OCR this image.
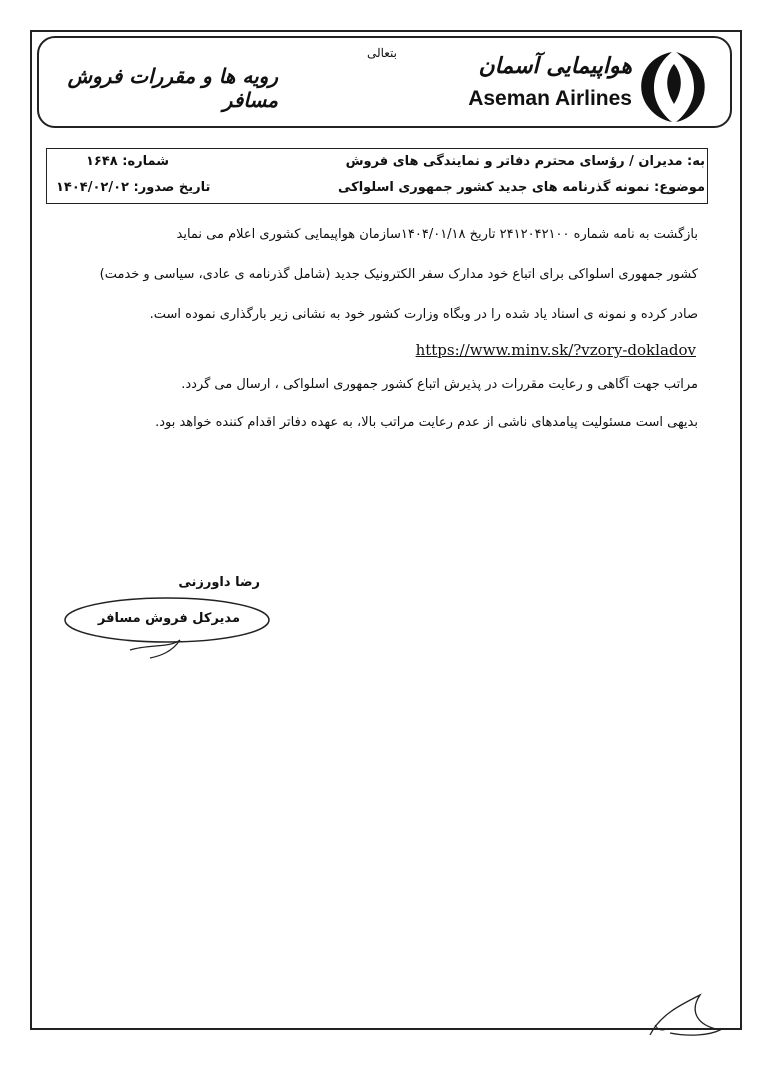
هواپیمایی آسمان
Aseman Airlines
بتعالی
رویه ها و مقررات فروش مسافر
به: مدیران / رؤسای محترم دفاتر و نمایندگی های فروش
موضوع: نمونه گذرنامه های جدید کشور جمهوری اسلواکی
شماره: ۱۶۴۸
تاریخ صدور: ۱۴۰۴/۰۲/۰۲
بازگشت به نامه شماره ۲۴۱۲۰۴۲۱۰۰ تاریخ ۱۴۰۴/۰۱/۱۸سازمان هواپیمایی کشوری اعلام می نماید
کشور جمهوری اسلواکی برای اتباع خود مدارک سفر الکترونیک جدید (شامل گذرنامه ی عادی، سیاسی و خدمت)
صادر کرده و نمونه ی اسناد یاد شده را در وبگاه وزارت کشور خود به نشانی زیر بارگذاری نموده است.
https://www.minv.sk/?vzory-dokladov
مراتب جهت آگاهی و رعایت مقررات در پذیرش اتباع کشور جمهوری اسلواکی ، ارسال می گردد.
بدیهی است مسئولیت پیامدهای ناشی از عدم رعایت مراتب بالا، به عهده دفاتر اقدام کننده خواهد بود.
رضا داورزنی
مدیرکل فروش مسافر
